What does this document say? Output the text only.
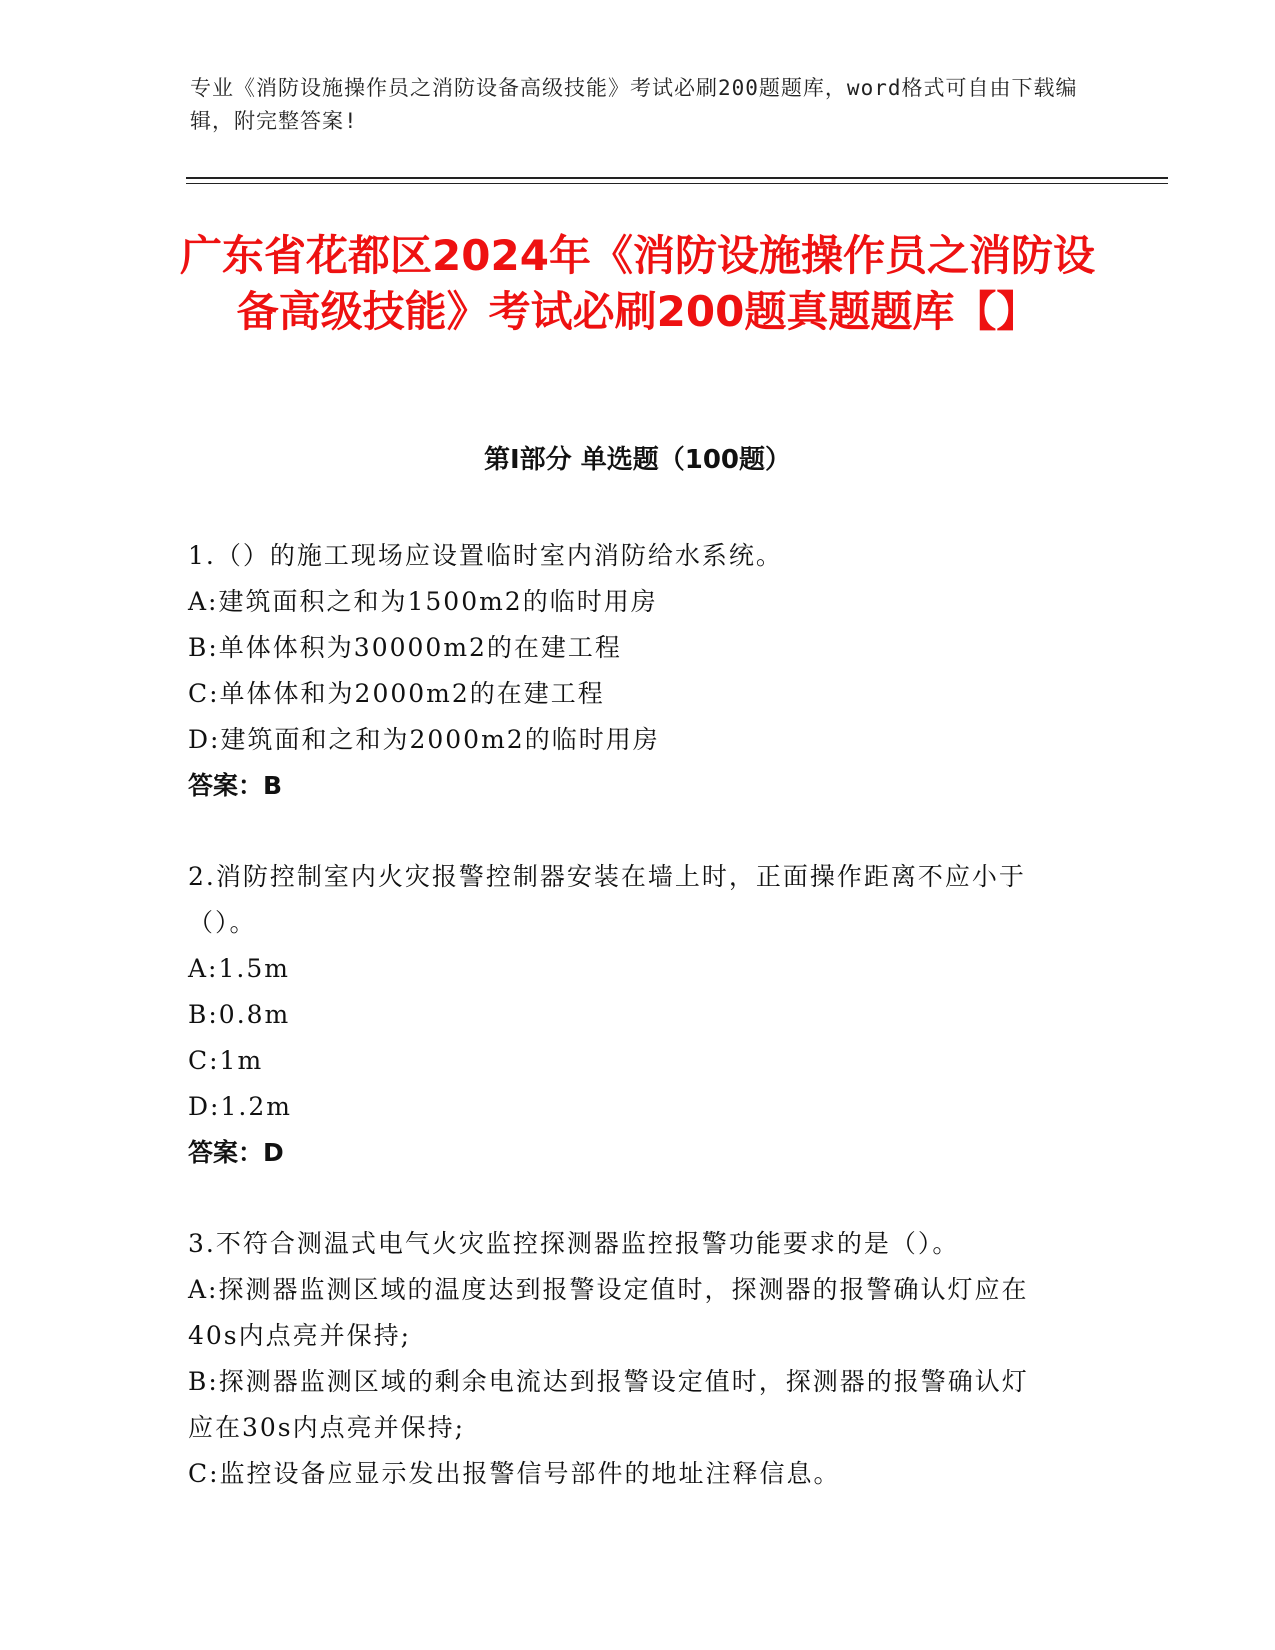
专业《消防设施操作员之消防设备高级技能》考试必刷200题题库，word格式可自由下载编辑，附完整答案!
广东省花都区2024年《消防设施操作员之消防设备高级技能》考试必刷200题真题题库【】
第I部分 单选题（100题）

1.（）的施工现场应设置临时室内消防给水系统。

A:建筑面积之和为1500m2的临时用房

B:单体体积为30000m2的在建工程

C:单体体和为2000m2的在建工程

D:建筑面和之和为2000m2的临时用房

答案：B

2.消防控制室内火灾报警控制器安装在墙上时，正面操作距离不应小于（）。

A:1.5m

B:0.8m

C:1m

D:1.2m

答案：D

3.不符合测温式电气火灾监控探测器监控报警功能要求的是（）。

A:探测器监测区域的温度达到报警设定值时，探测器的报警确认灯应在40s内点亮并保持;

B:探测器监测区域的剩余电流达到报警设定值时，探测器的报警确认灯应在30s内点亮并保持;

C:监控设备应显示发出报警信号部件的地址注释信息。
